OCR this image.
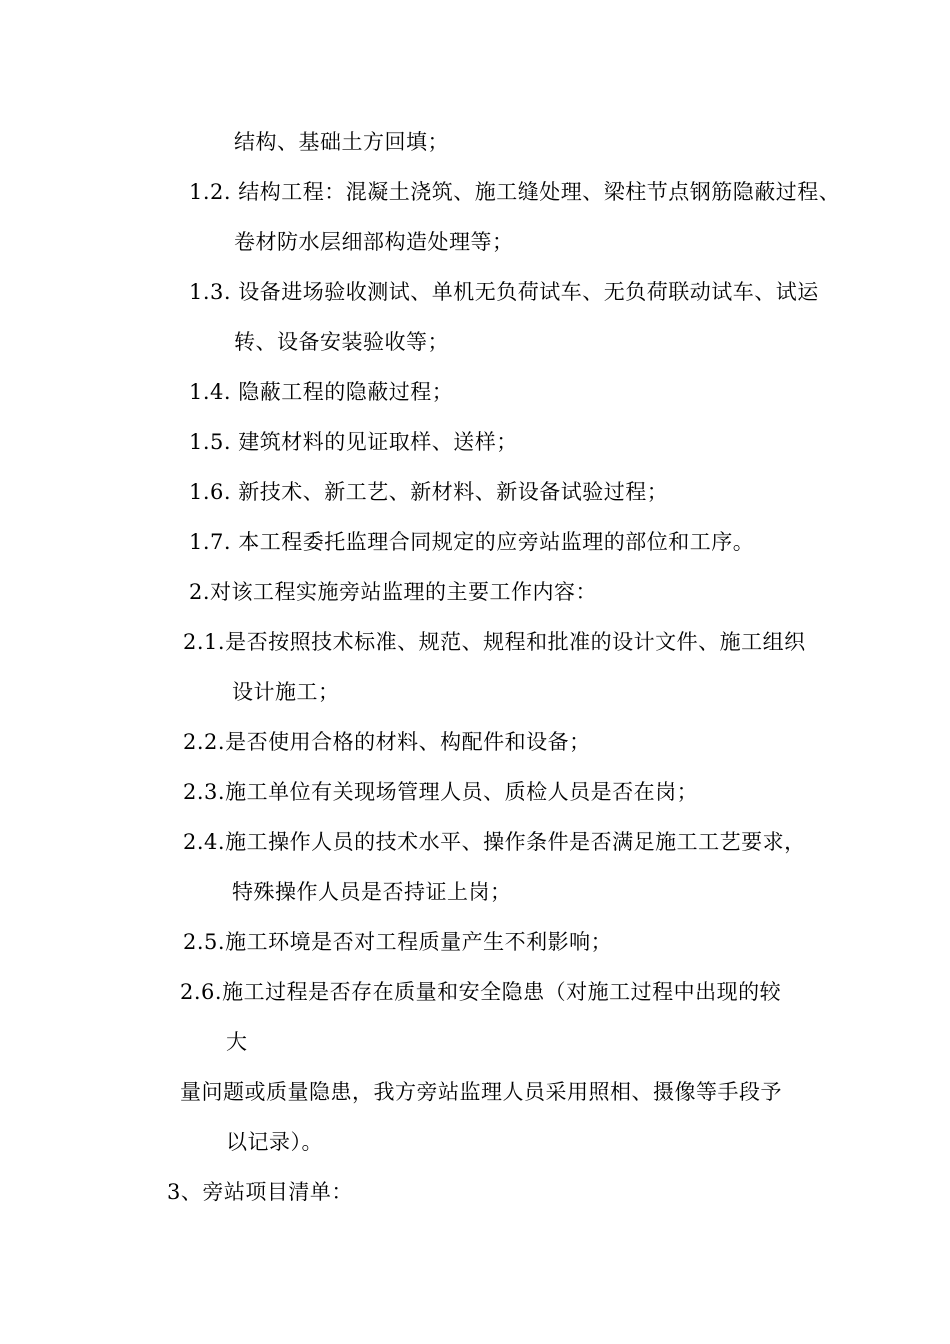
结构、基础土方回填；
1.2. 结构工程：混凝土浇筑、施工缝处理、梁柱节点钢筋隐蔽过程、
卷材防水层细部构造处理等；
1.3. 设备进场验收测试、单机无负荷试车、无负荷联动试车、试运
转、设备安装验收等；
1.4. 隐蔽工程的隐蔽过程；
1.5. 建筑材料的见证取样、送样；
1.6. 新技术、新工艺、新材料、新设备试验过程；
1.7. 本工程委托监理合同规定的应旁站监理的部位和工序。
2.对该工程实施旁站监理的主要工作内容：
2.1.是否按照技术标准、规范、规程和批准的设计文件、施工组织
设计施工；
2.2.是否使用合格的材料、构配件和设备；
2.3.施工单位有关现场管理人员、质检人员是否在岗；
2.4.施工操作人员的技术水平、操作条件是否满足施工工艺要求，
特殊操作人员是否持证上岗；
2.5.施工环境是否对工程质量产生不利影响；
2.6.施工过程是否存在质量和安全隐患（对施工过程中出现的较
大
量问题或质量隐患，我方旁站监理人员采用照相、摄像等手段予
以记录）。
3、旁站项目清单：
